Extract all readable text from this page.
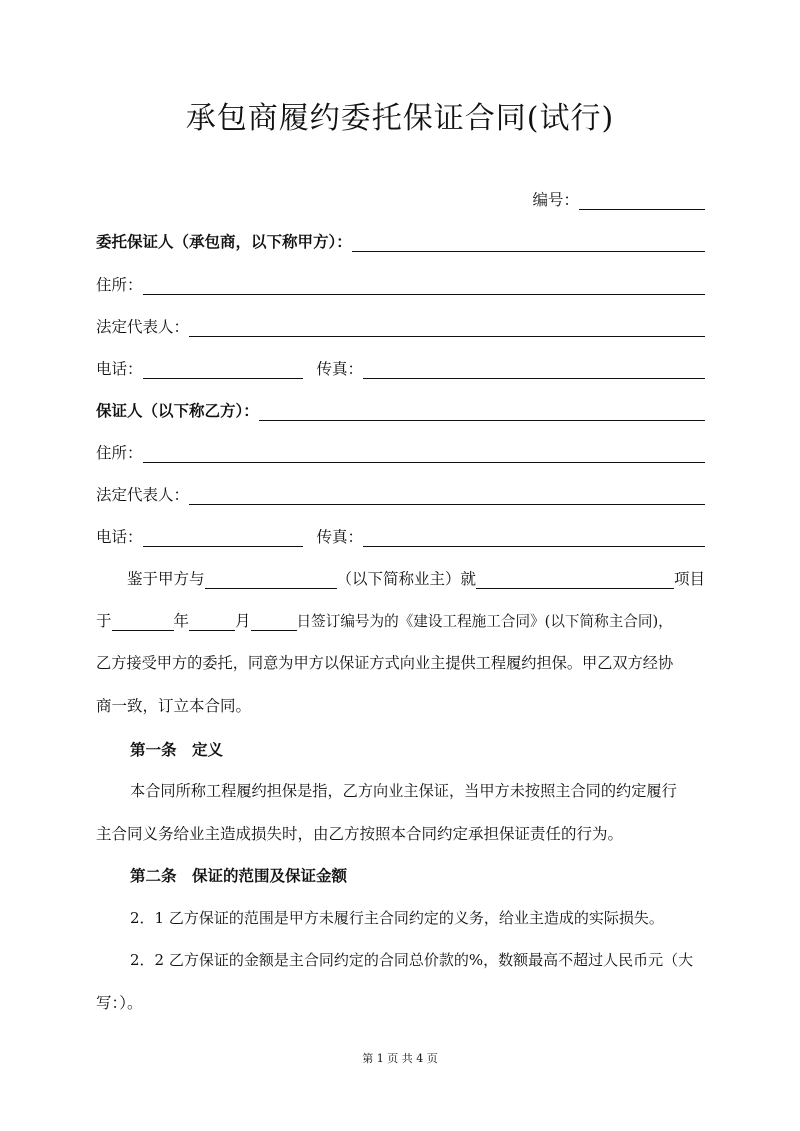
承包商履约委托保证合同(试行)
编号：
委托保证人（承包商，以下称甲方）：
住所：
法定代表人：
电话：	传真：
保证人（以下称乙方）：
住所：
法定代表人：
电话：	传真：
鉴于甲方与	（以下简称业主）就	项目
于	年	月	日签订编号为的《建设工程施工合同》(以下简称主合同)，
乙方接受甲方的委托，同意为甲方以保证方式向业主提供工程履约担保。甲乙双方经协
商一致，订立本合同。
第一条　定义
本合同所称工程履约担保是指，乙方向业主保证，当甲方未按照主合同的约定履行
主合同义务给业主造成损失时，由乙方按照本合同约定承担保证责任的行为。
第二条　保证的范围及保证金额
2．1 乙方保证的范围是甲方未履行主合同约定的义务，给业主造成的实际损失。
2．2 乙方保证的金额是主合同约定的合同总价款的%，数额最高不超过人民币元（大
写：）。
第 1 页 共 4 页
